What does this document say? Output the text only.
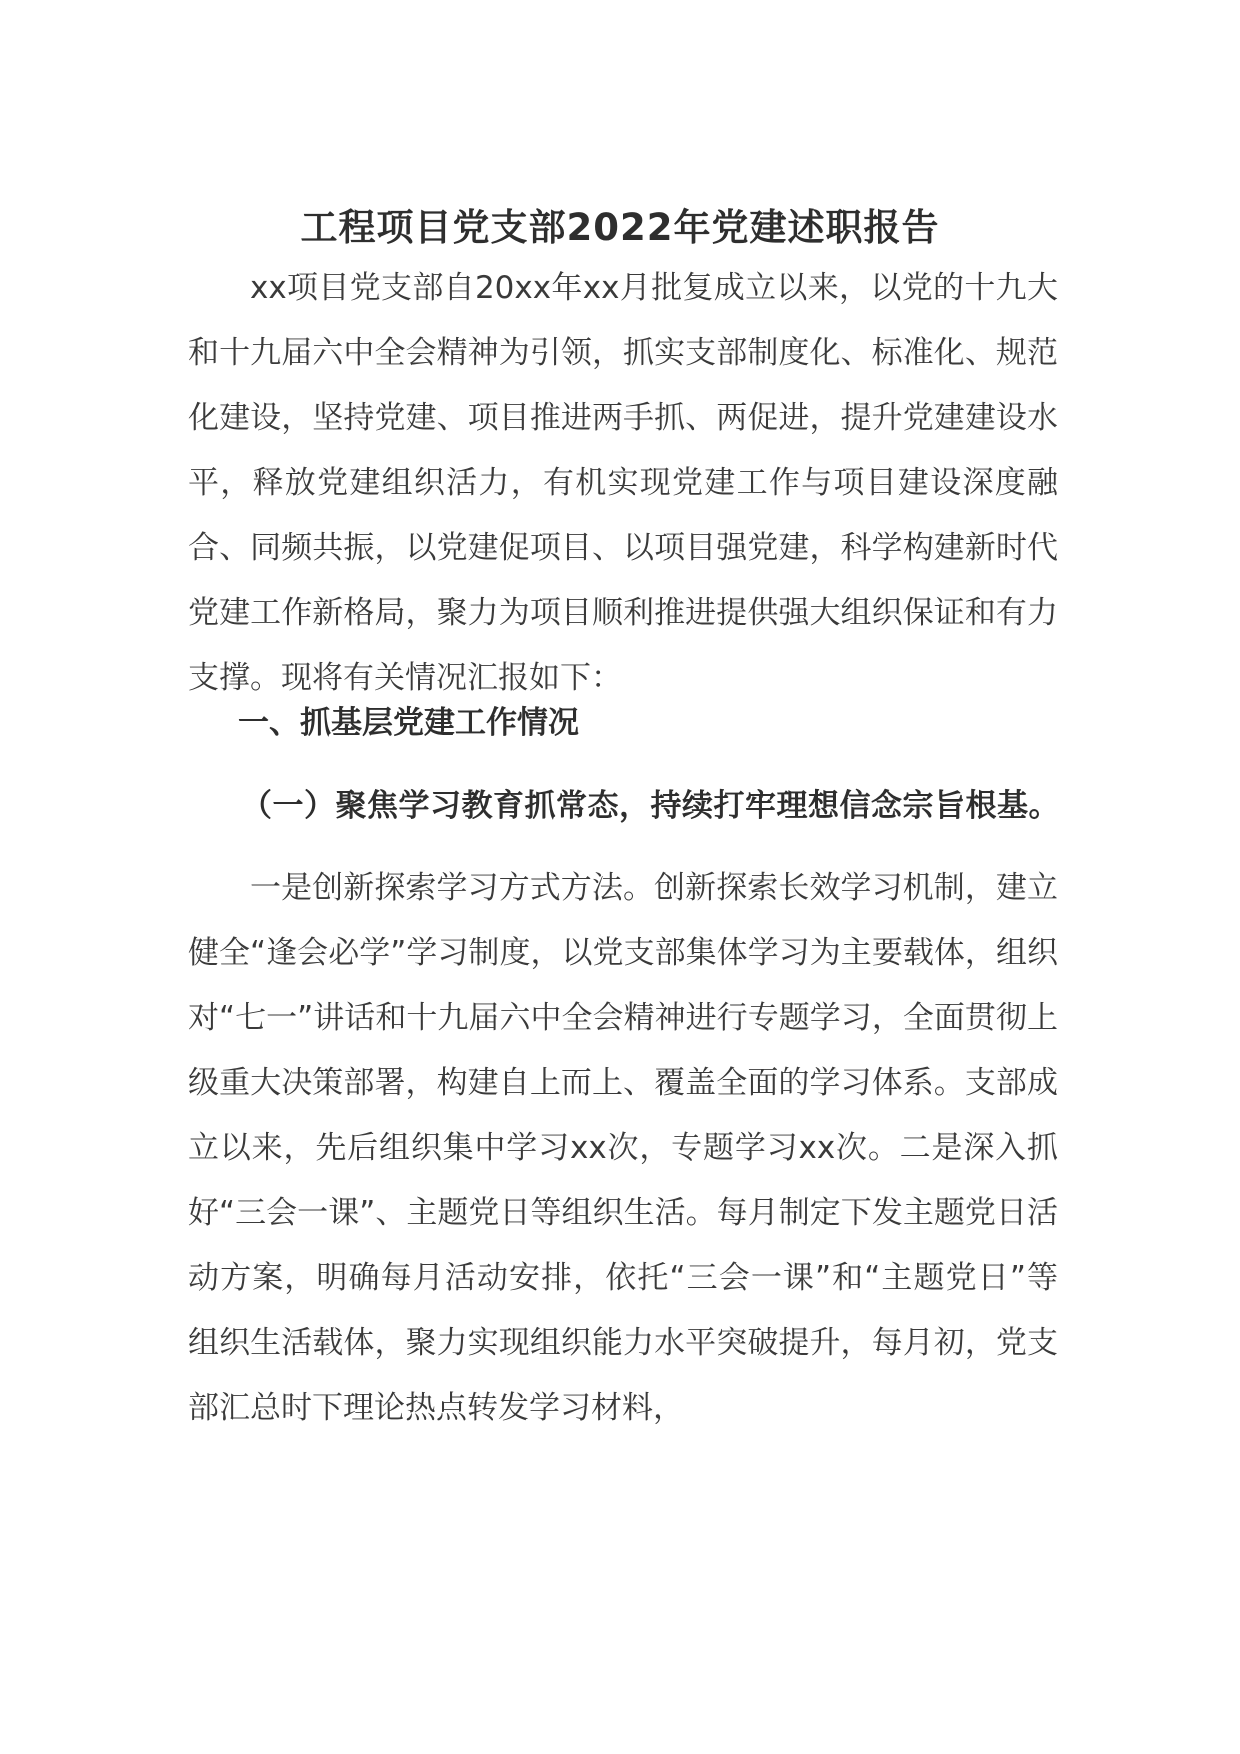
工程项目党支部2022年党建述职报告

xx项目党支部自20xx年xx月批复成立以来，以党的十九大和十九届六中全会精神为引领，抓实支部制度化、标准化、规范化建设，坚持党建、项目推进两手抓、两促进，提升党建建设水平，释放党建组织活力，有机实现党建工作与项目建设深度融合、同频共振，以党建促项目、以项目强党建，科学构建新时代党建工作新格局，聚力为项目顺利推进提供强大组织保证和有力支撑。现将有关情况汇报如下：

一、抓基层党建工作情况
（一）聚焦学习教育抓常态，持续打牢理想信念宗旨根基。

一是创新探索学习方式方法。创新探索长效学习机制，建立健全“逢会必学”学习制度，以党支部集体学习为主要载体，组织对“七一”讲话和十九届六中全会精神进行专题学习，全面贯彻上级重大决策部署，构建自上而上、覆盖全面的学习体系。支部成立以来，先后组织集中学习xx次，专题学习xx次。二是深入抓好“三会一课”、主题党日等组织生活。每月制定下发主题党日活动方案，明确每月活动安排，依托“三会一课”和“主题党日”等组织生活载体，聚力实现组织能力水平突破提升，每月初，党支部汇总时下理论热点转发学习材料，
